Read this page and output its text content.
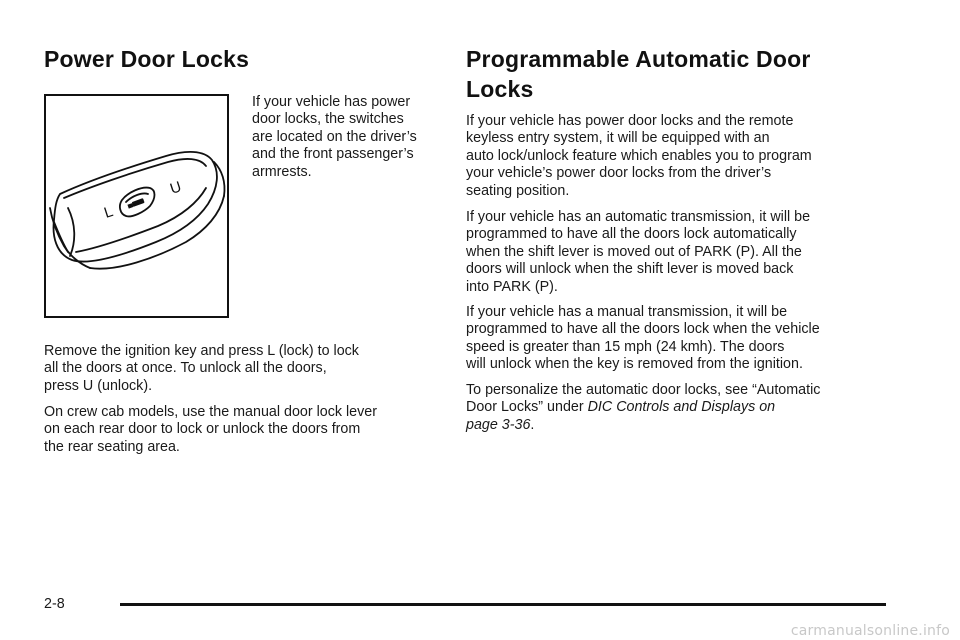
Power Door Locks
L
U

If your vehicle has power
door locks, the switches
are located on the driver’s
and the front passenger’s
armrests.

Remove the ignition key and press L (lock) to lock
all the doors at once. To unlock all the doors,
press U (unlock).

On crew cab models, use the manual door lock lever
on each rear door to lock or unlock the doors from
the rear seating area.

Programmable Automatic Door
Locks

If your vehicle has power door locks and the remote
keyless entry system, it will be equipped with an
auto lock/unlock feature which enables you to program
your vehicle’s power door locks from the driver’s
seating position.

If your vehicle has an automatic transmission, it will be
programmed to have all the doors lock automatically
when the shift lever is moved out of PARK (P). All the
doors will unlock when the shift lever is moved back
into PARK (P).

If your vehicle has a manual transmission, it will be
programmed to have all the doors lock when the vehicle
speed is greater than 15 mph (24 kmh). The doors
will unlock when the key is removed from the ignition.

To personalize the automatic door locks, see “Automatic
Door Locks” under DIC Controls and Displays on
page 3-36.

2-8
carmanualsonline.info
